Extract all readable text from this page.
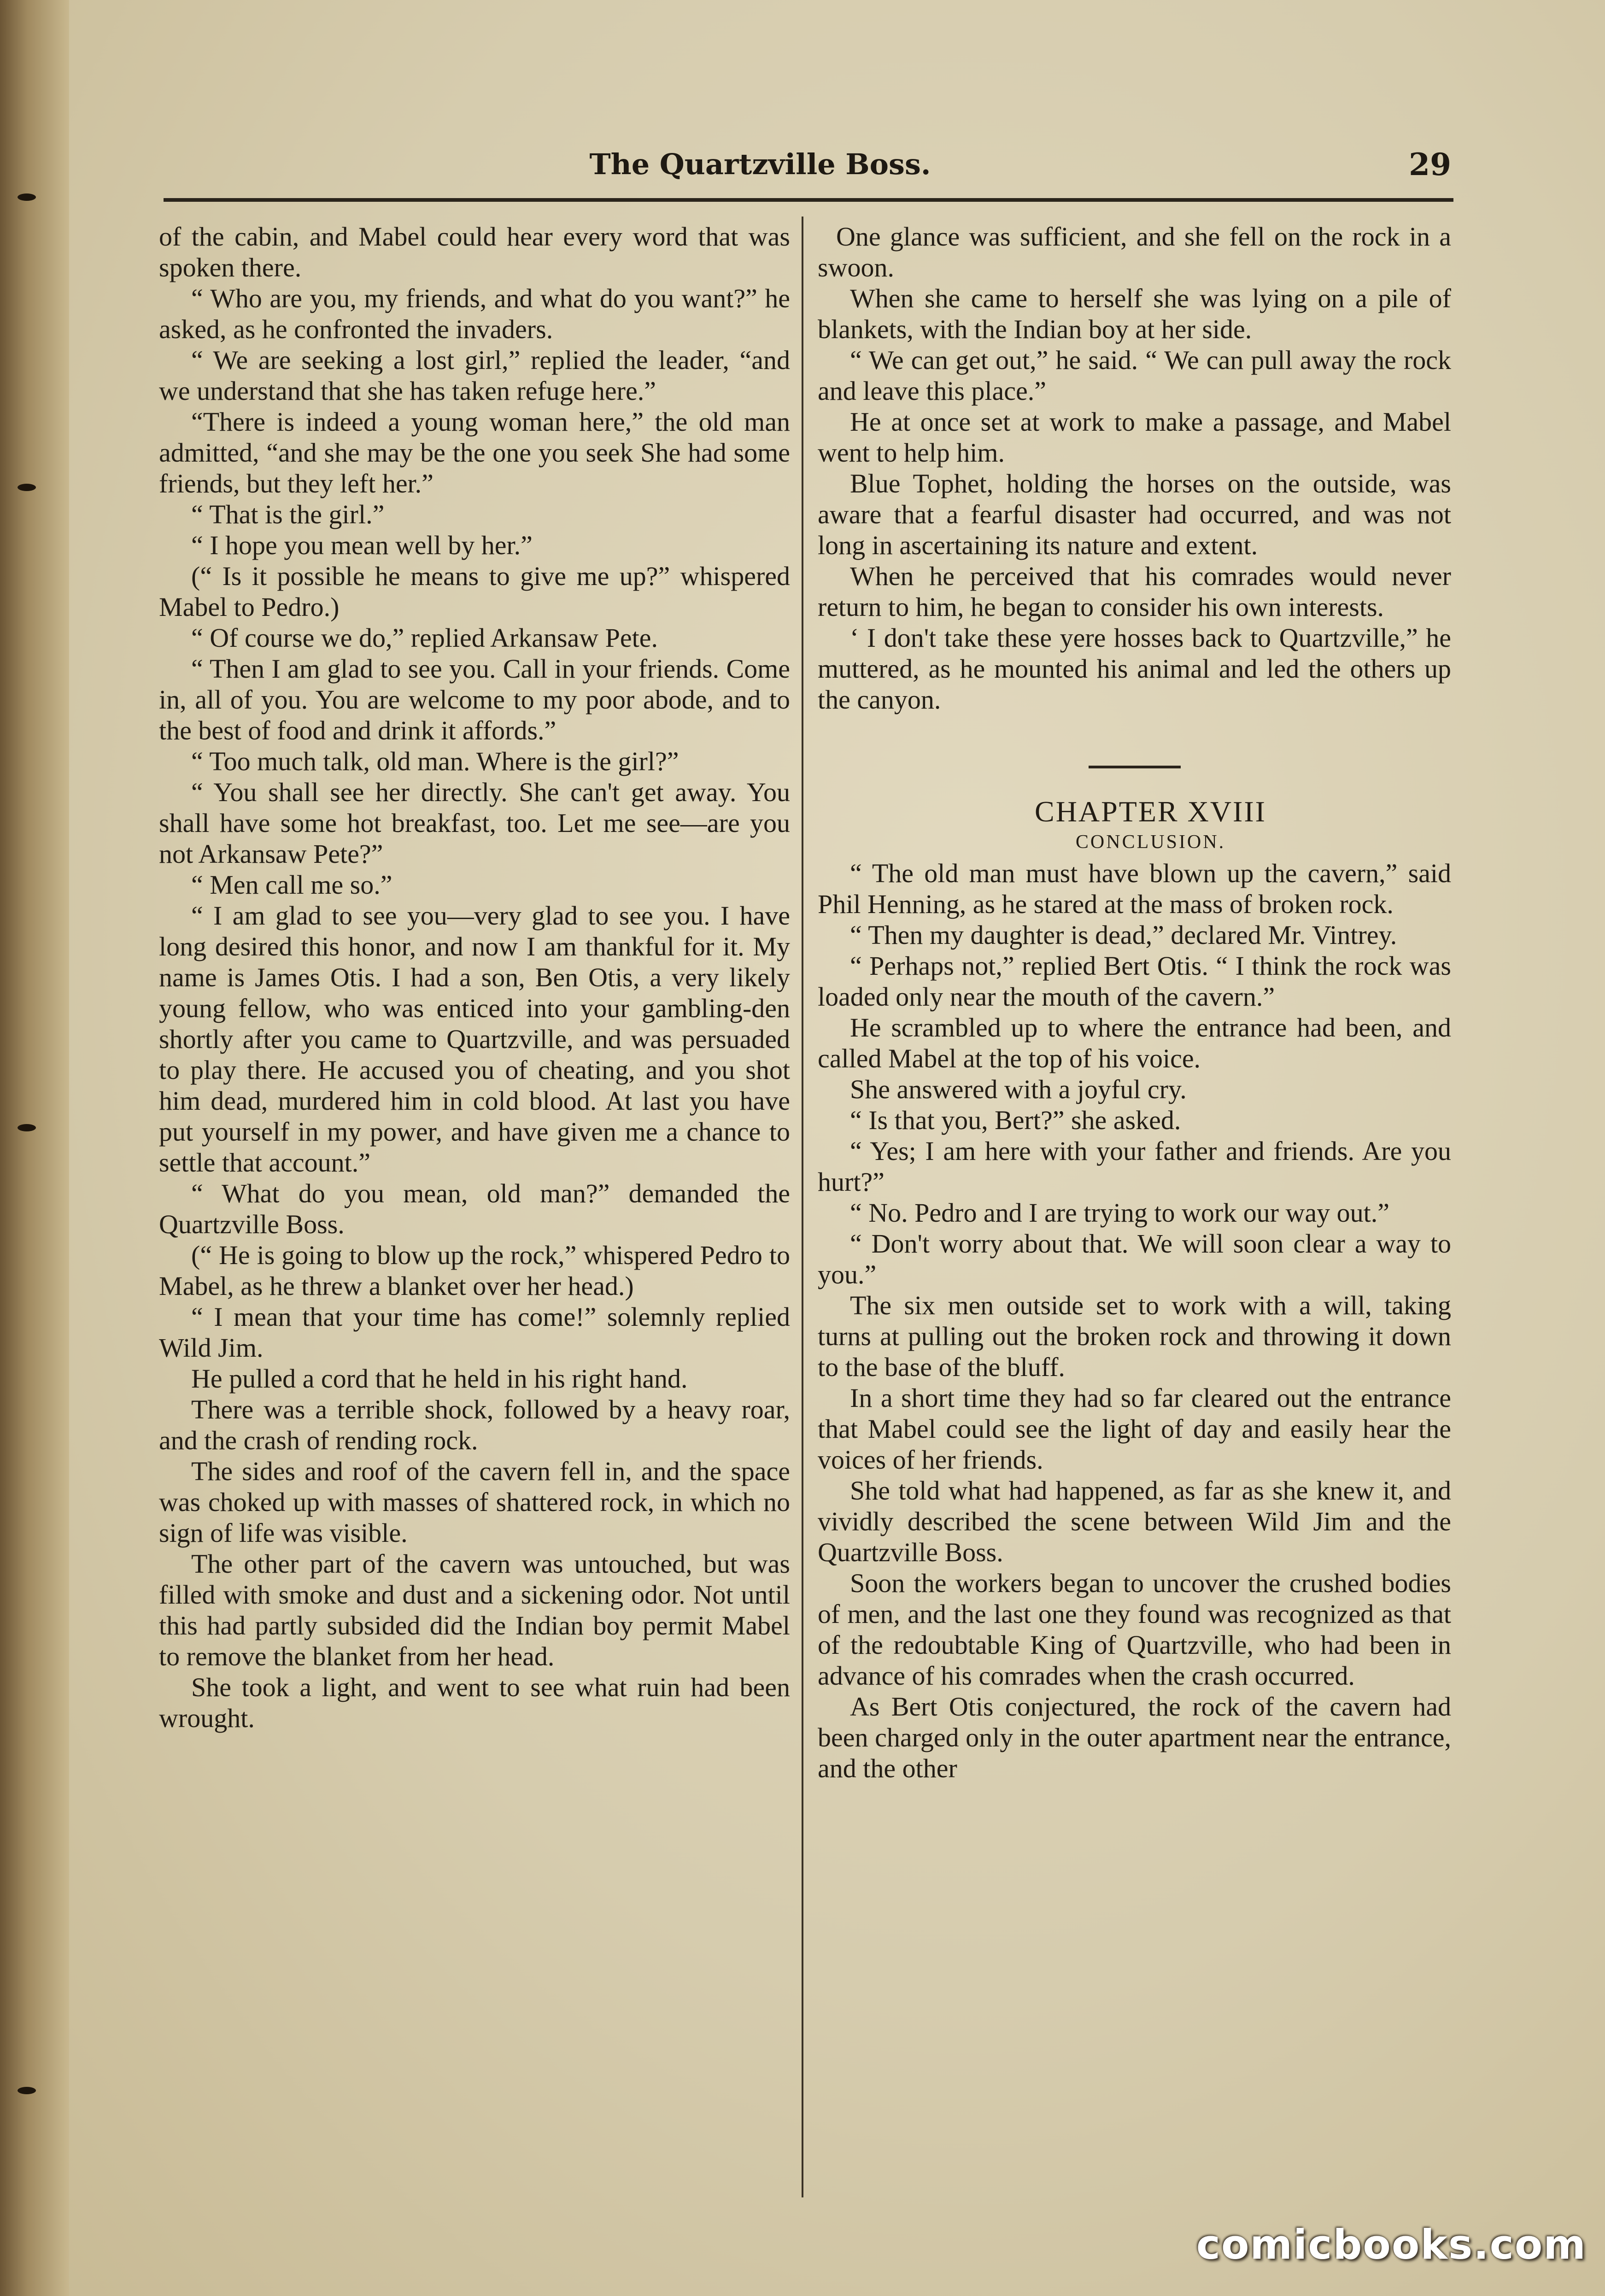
The Quartzville Boss.	29

of the cabin, and Mabel could hear every word that was spoken there.

“ Who are you, my friends, and what do you want?” he asked, as he confronted the invaders.

“ We are seeking a lost girl,” replied the leader, “and we understand that she has taken refuge here.”

“There is indeed a young woman here,” the old man admitted, “and she may be the one you seek She had some friends, but they left her.”

“ That is the girl.”

“ I hope you mean well by her.”

(“ Is it possible he means to give me up?” whispered Mabel to Pedro.)

“ Of course we do,” replied Arkansaw Pete.

“ Then I am glad to see you. Call in your friends. Come in, all of you. You are welcome to my poor abode, and to the best of food and drink it affords.”

“ Too much talk, old man. Where is the girl?”

“ You shall see her directly. She can't get away. You shall have some hot breakfast, too. Let me see—are you not Arkansaw Pete?”

“ Men call me so.”

“ I am glad to see you—very glad to see you. I have long desired this honor, and now I am thankful for it. My name is James Otis. I had a son, Ben Otis, a very likely young fellow, who was enticed into your gambling-den shortly after you came to Quartzville, and was persuaded to play there. He accused you of cheating, and you shot him dead, murdered him in cold blood. At last you have put yourself in my power, and have given me a chance to settle that account.”

“ What do you mean, old man?” demanded the Quartzville Boss.

(“ He is going to blow up the rock,” whispered Pedro to Mabel, as he threw a blanket over her head.)

“ I mean that your time has come!” solemnly replied Wild Jim.

He pulled a cord that he held in his right hand.

There was a terrible shock, followed by a heavy roar, and the crash of rending rock.

The sides and roof of the cavern fell in, and the space was choked up with masses of shattered rock, in which no sign of life was visible.

The other part of the cavern was untouched, but was filled with smoke and dust and a sickening odor. Not until this had partly subsided did the Indian boy permit Mabel to remove the blanket from her head.

She took a light, and went to see what ruin had been wrought.

One glance was sufficient, and she fell on the rock in a swoon.

When she came to herself she was lying on a pile of blankets, with the Indian boy at her side.

“ We can get out,” he said. “ We can pull away the rock and leave this place.”

He at once set at work to make a passage, and Mabel went to help him.

Blue Tophet, holding the horses on the outside, was aware that a fearful disaster had occurred, and was not long in ascertaining its nature and extent.

When he perceived that his comrades would never return to him, he began to consider his own interests.

‘ I don't take these yere hosses back to Quartzville,” he muttered, as he mounted his animal and led the others up the canyon.

CHAPTER XVIII

CONCLUSION.

“ The old man must have blown up the cavern,” said Phil Henning, as he stared at the mass of broken rock.

“ Then my daughter is dead,” declared Mr. Vintrey.

“ Perhaps not,” replied Bert Otis. “ I think the rock was loaded only near the mouth of the cavern.”

He scrambled up to where the entrance had been, and called Mabel at the top of his voice.

She answered with a joyful cry.

“ Is that you, Bert?” she asked.

“ Yes; I am here with your father and friends. Are you hurt?”

“ No. Pedro and I are trying to work our way out.”

“ Don't worry about that. We will soon clear a way to you.”

The six men outside set to work with a will, taking turns at pulling out the broken rock and throwing it down to the base of the bluff.

In a short time they had so far cleared out the entrance that Mabel could see the light of day and easily hear the voices of her friends.

She told what had happened, as far as she knew it, and vividly described the scene between Wild Jim and the Quartzville Boss.

Soon the workers began to uncover the crushed bodies of men, and the last one they found was recognized as that of the redoubtable King of Quartzville, who had been in advance of his comrades when the crash occurred.

As Bert Otis conjectured, the rock of the cavern had been charged only in the outer apartment near the entrance, and the other

comicbooks.com
